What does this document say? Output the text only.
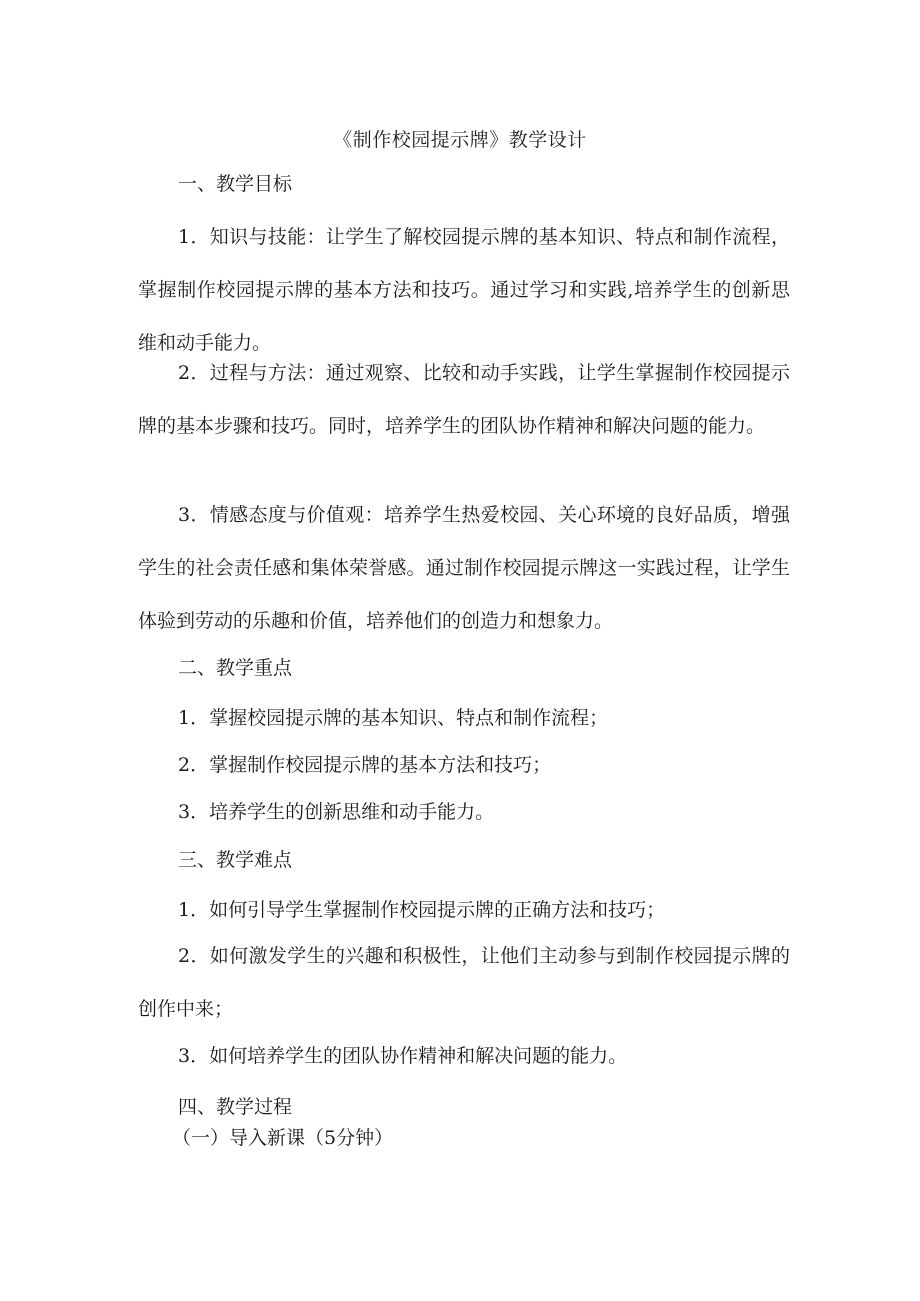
《制作校园提示牌》教学设计
一、教学目标

1．知识与技能：让学生了解校园提示牌的基本知识、特点和制作流程，掌握制作校园提示牌的基本方法和技巧。通过学习和实践,培养学生的创新思维和动手能力。

2．过程与方法：通过观察、比较和动手实践，让学生掌握制作校园提示牌的基本步骤和技巧。同时，培养学生的团队协作精神和解决问题的能力。

3．情感态度与价值观：培养学生热爱校园、关心环境的良好品质，增强学生的社会责任感和集体荣誉感。通过制作校园提示牌这一实践过程，让学生体验到劳动的乐趣和价值，培养他们的创造力和想象力。

二、教学重点
1．掌握校园提示牌的基本知识、特点和制作流程；
2．掌握制作校园提示牌的基本方法和技巧；
3．培养学生的创新思维和动手能力。
三、教学难点
1．如何引导学生掌握制作校园提示牌的正确方法和技巧；

2．如何激发学生的兴趣和积极性，让他们主动参与到制作校园提示牌的创作中来；

3．如何培养学生的团队协作精神和解决问题的能力。
四、教学过程
（一）导入新课（5分钟）
